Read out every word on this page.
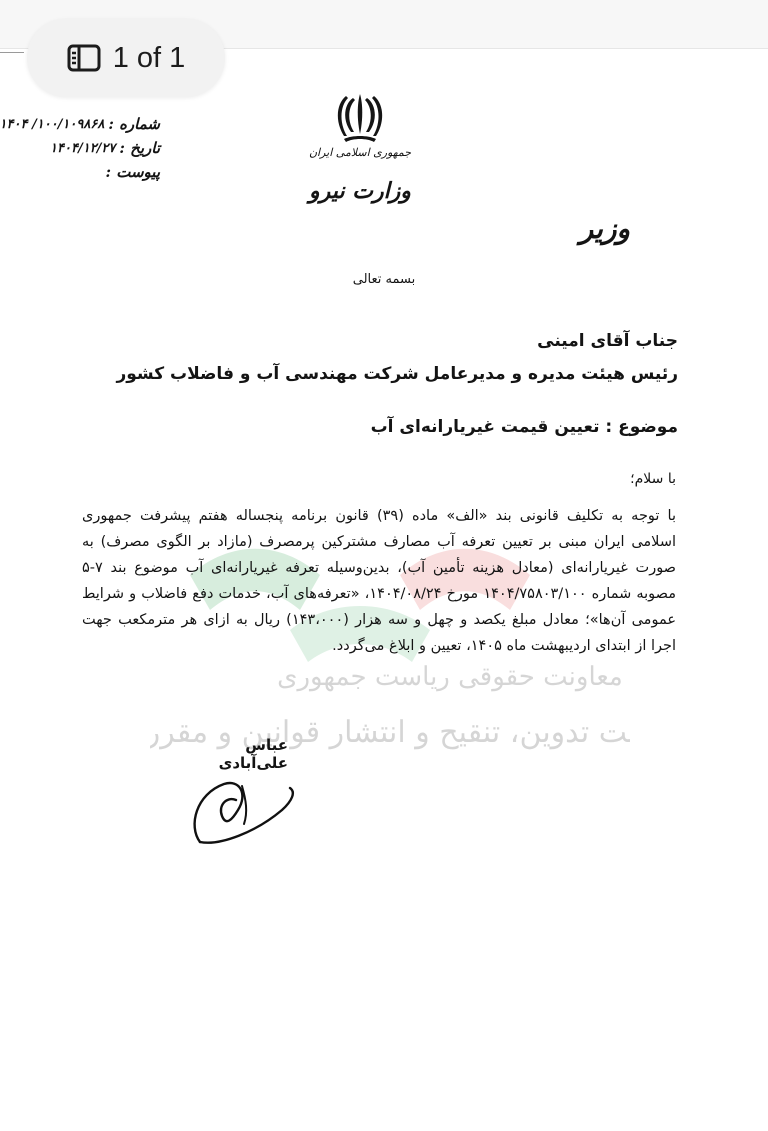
1 of 1
شماره :
۱۰۰/۱۰۹۸۶۸/ ۱۴۰۴
تاریخ :
۱۴۰۴/۱۲/۲۷
پیوست :
جمهوری اسلامی ایران
وزارت نیرو
وزیر
بسمه تعالی
معاونت حقوقی ریاست جمهوری
ت تدوین، تنقیح و انتشار قوانین و مقرر
جناب آقای امینی
رئیس هیئت مدیره و مدیرعامل شرکت مهندسی آب و فاضلاب کشور
موضوع : تعیین قیمت غیریارانه‌ای آب
با سلام؛

با توجه به تکلیف قانونی بند «الف» ماده (۳۹) قانون برنامه پنجساله هفتم پیشرفت جمهوری اسلامی ایران مبنی بر تعیین تعرفه آب مصارف مشترکین پرمصرف (مازاد بر الگوی مصرف) به صورت غیریارانه‌ای (معادل هزینه تأمین آب)، بدین‌وسیله تعرفه غیریارانه‌ای آب موضوع بند ۷-۵ مصوبه شماره ۱۴۰۴/۷۵۸۰۳/۱۰۰ مورخ ۱۴۰۴/۰۸/۲۴، «تعرفه‌های آب، خدمات دفع فاضلاب و شرایط عمومی آن‌ها»؛ معادل مبلغ یکصد و چهل و سه هزار (۱۴۳،۰۰۰) ریال به ازای هر مترمکعب جهت اجرا از ابتدای اردیبهشت ماه ۱۴۰۵، تعیین و ابلاغ می‌گردد.

عباس علی‌آبادی
